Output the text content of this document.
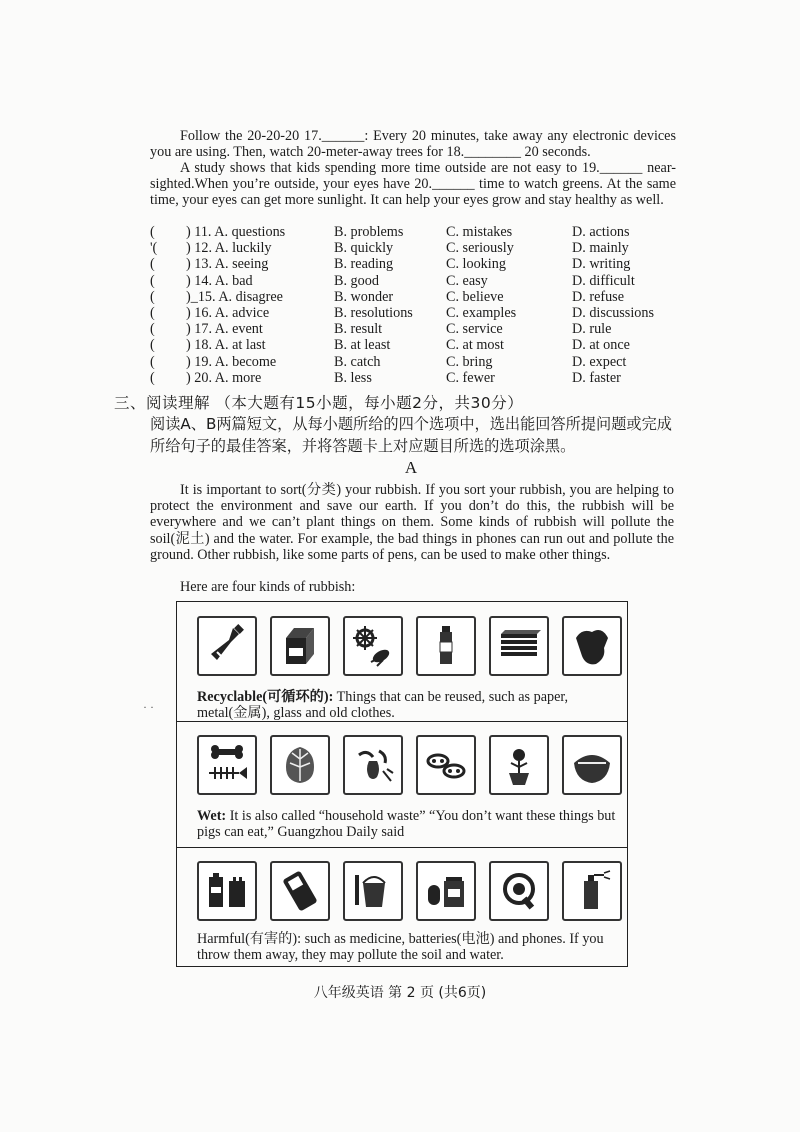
Follow the 20-20-20 17.______: Every 20 minutes, take away any electronic devices you are using. Then, watch 20-meter-away trees for 18.________ 20 seconds.
A study shows that kids spending more time outside are not easy to 19.______ near-sighted.When you’re outside, your eyes have 20.______ time to watch greens. At the same time, your eyes can get more sunlight. It can help your eyes grow and stay healthy as well.
( ) 11. A. questions	B. problems	C. mistakes	D. actions
'( ) 12. A. luckily	B. quickly	C. seriously	D. mainly
( ) 13. A. seeing	B. reading	C. looking	D. writing
( ) 14. A. bad	B. good	C. easy	D. difficult
( )_15. A. disagree	B. wonder	C. believe	D. refuse
( ) 16. A. advice	B. resolutions C. examples	D. discussions
( ) 17. A. event	B. result	C. service	D. rule
( ) 18. A. at last	B. at least	C. at most	D. at once
( ) 19. A. become	B. catch	C. bring	D. expect
( ) 20. A. more	B. less	C. fewer	D. faster
三、阅读理解 （本大题有15小题，每小题2分，共30分）
阅读A、B两篇短文，从每小题所给的四个选项中，选出能回答所提问题或完成所给句子的最佳答案，并将答题卡上对应题目所选的选项涂黑。
A
It is important to sort(分类) your rubbish. If you sort your rubbish, you are helping to protect the environment and save our earth. If you don’t do this, the rubbish will be everywhere and we can’t plant things on them. Some kinds of rubbish will pollute the soil(泥土) and the water. For example, the bad things in phones can run out and pollute the ground. Other rubbish, like some parts of pens, can be used to make other things.
Here are four kinds of rubbish:
Recyclable(可循环的): Things that can be reused, such as paper, metal(金属), glass and old clothes.
Wet: It is also called “household waste” “You don’t want these things but pigs can eat,” Guangzhou Daily said
Harmful(有害的): such as medicine, batteries(电池) and phones. If you throw them away, they may pollute the soil and water.
八年级英语 第 2 页 (共6页)
· ·
